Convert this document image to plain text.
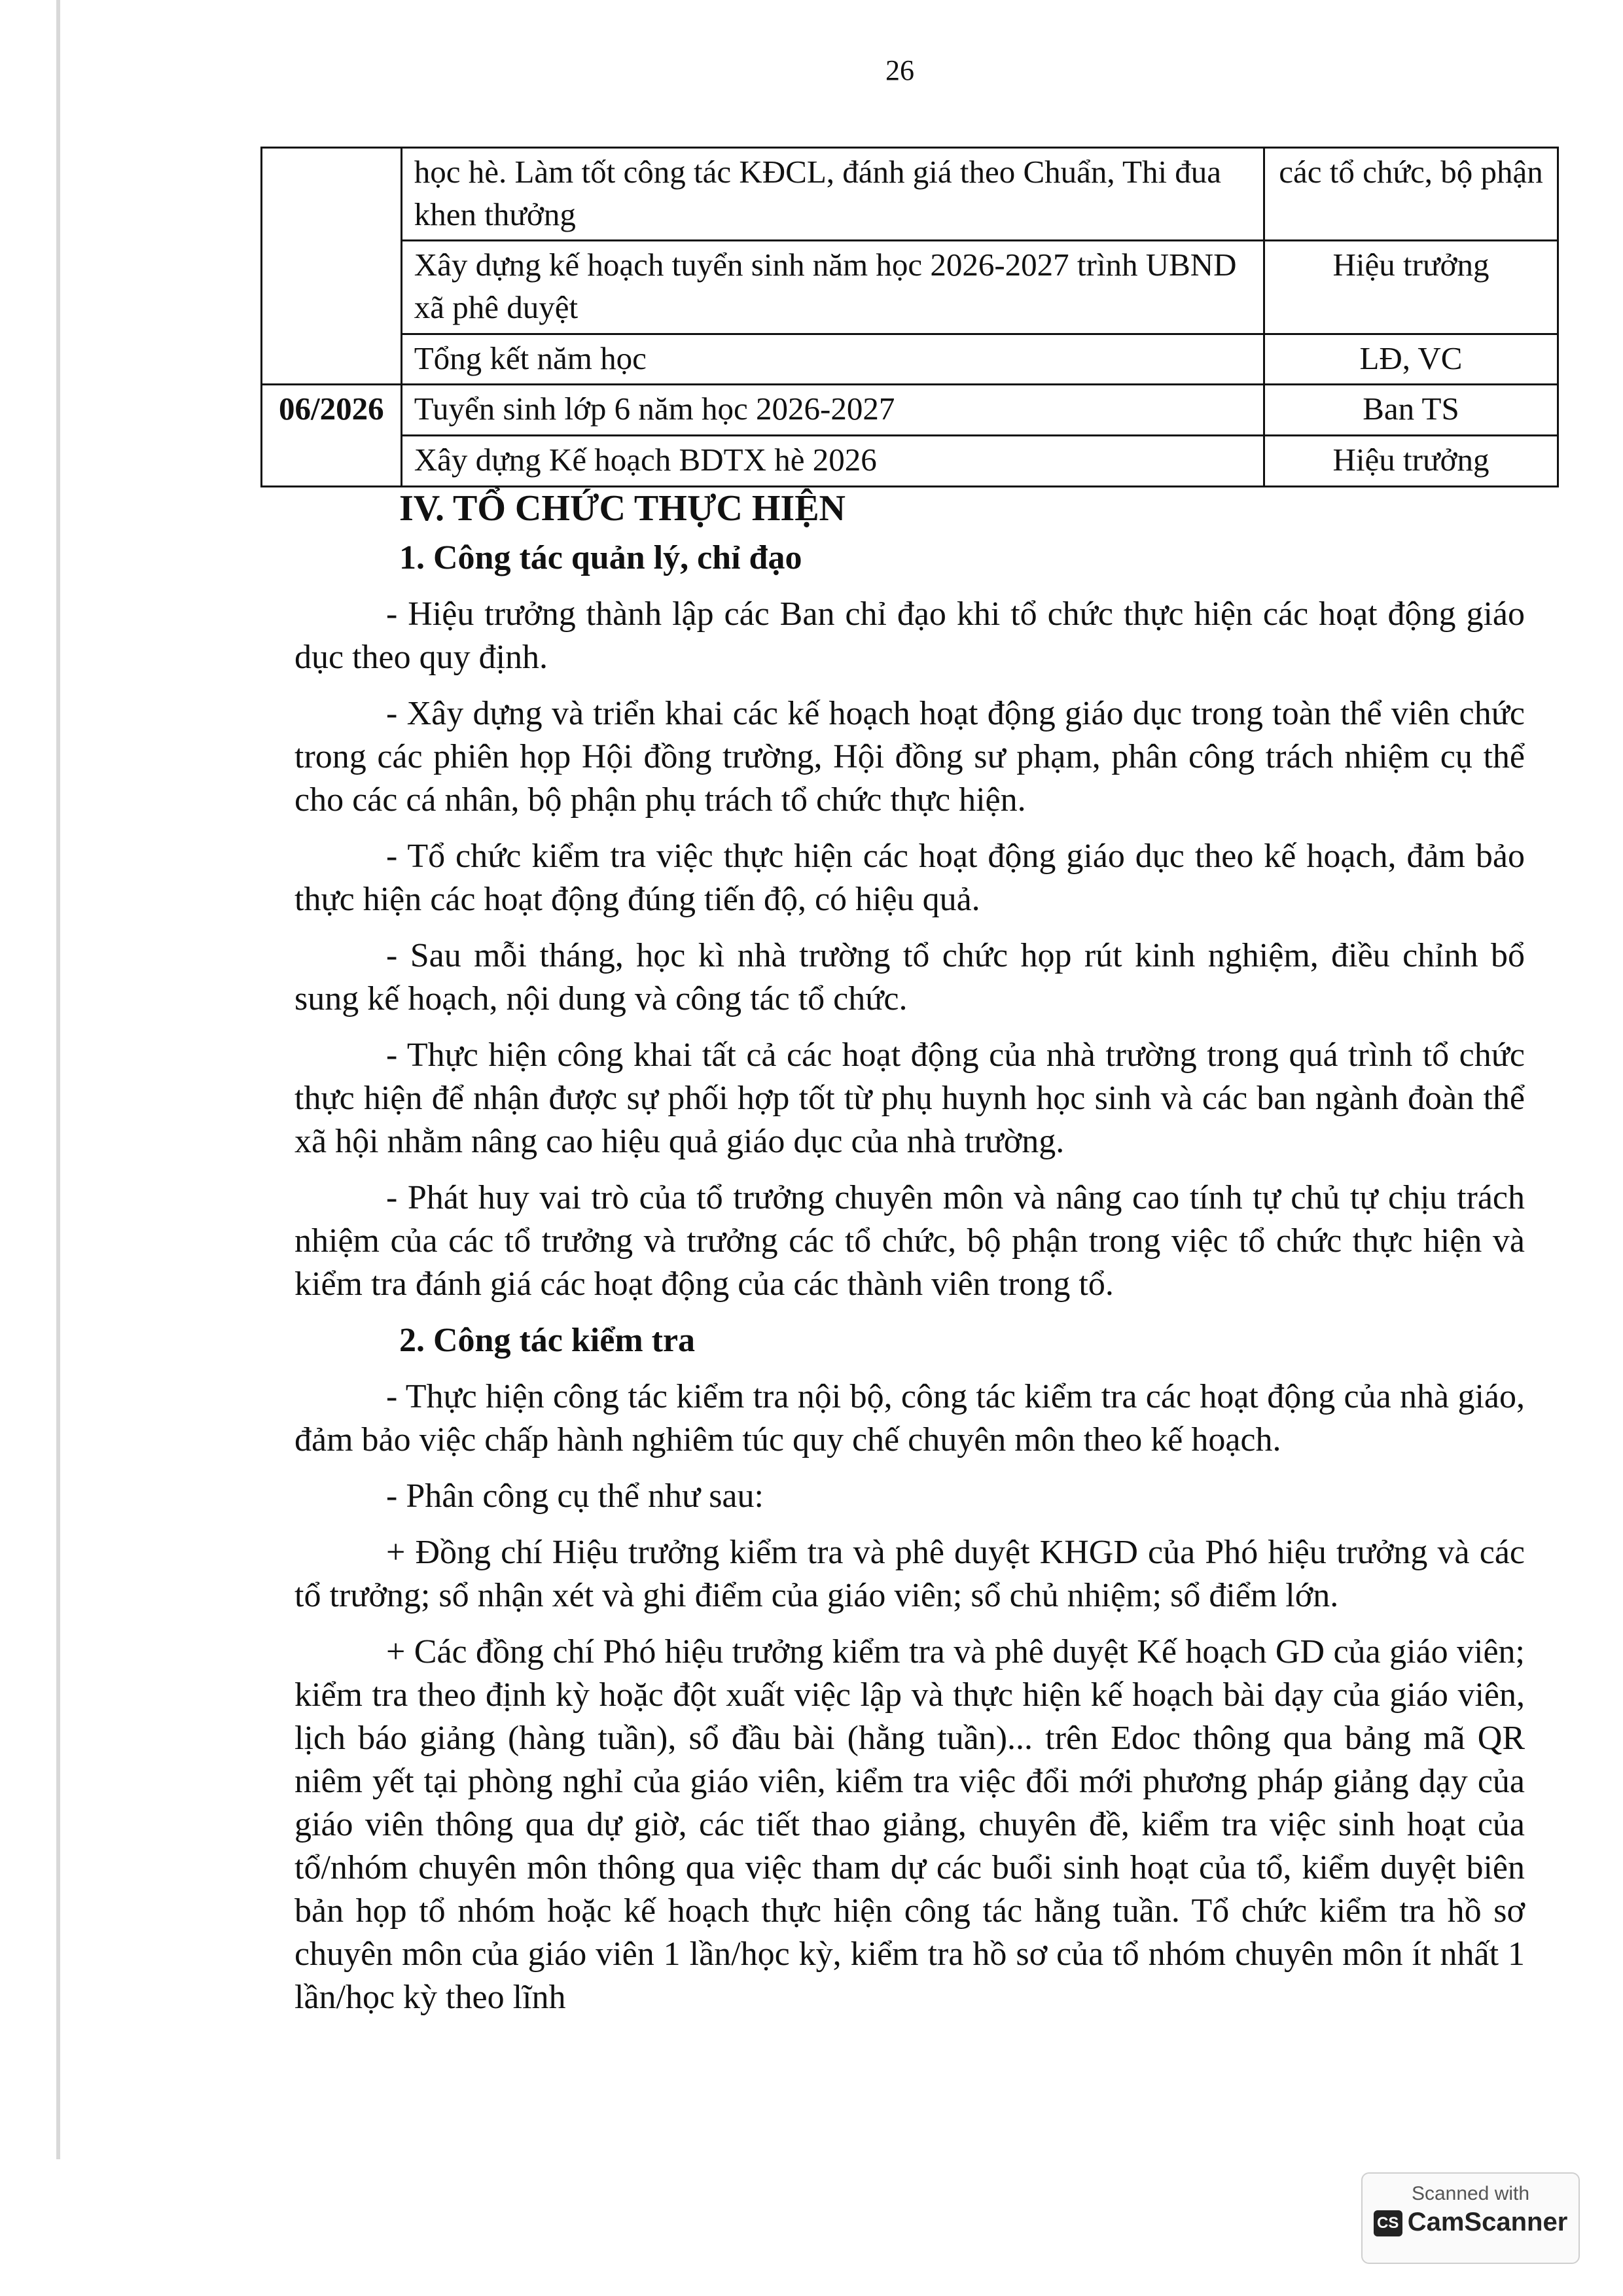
26
	học hè. Làm tốt công tác KĐCL, đánh giá theo Chuẩn, Thi đua khen thưởng	các tổ chức, bộ phận
	Xây dựng kế hoạch tuyển sinh năm học 2026-2027 trình UBND xã phê duyệt	Hiệu trưởng
	Tổng kết năm học	LĐ, VC
06/2026	Tuyển sinh lớp 6 năm học 2026-2027	Ban TS
	Xây dựng Kế hoạch BDTX hè 2026	Hiệu trưởng
IV. TỔ CHỨC THỰC HIỆN
1. Công tác quản lý, chỉ đạo

- Hiệu trưởng thành lập các Ban chỉ đạo khi tổ chức thực hiện các hoạt động giáo dục theo quy định.

- Xây dựng và triển khai các kế hoạch hoạt động giáo dục trong toàn thể viên chức trong các phiên họp Hội đồng trường, Hội đồng sư phạm, phân công trách nhiệm cụ thể cho các cá nhân, bộ phận phụ trách tổ chức thực hiện.

- Tổ chức kiểm tra việc thực hiện các hoạt động giáo dục theo kế hoạch, đảm bảo thực hiện các hoạt động đúng tiến độ, có hiệu quả.

- Sau mỗi tháng, học kì nhà trường tổ chức họp rút kinh nghiệm, điều chỉnh bổ sung kế hoạch, nội dung và công tác tổ chức.

- Thực hiện công khai tất cả các hoạt động của nhà trường trong quá trình tổ chức thực hiện để nhận được sự phối hợp tốt từ phụ huynh học sinh và các ban ngành đoàn thể xã hội nhằm nâng cao hiệu quả giáo dục của nhà trường.

- Phát huy vai trò của tổ trưởng chuyên môn và nâng cao tính tự chủ tự chịu trách nhiệm của các tổ trưởng và trưởng các tổ chức, bộ phận trong việc tổ chức thực hiện và kiểm tra đánh giá các hoạt động của các thành viên trong tổ.

2. Công tác kiểm tra

- Thực hiện công tác kiểm tra nội bộ, công tác kiểm tra các hoạt động của nhà giáo, đảm bảo việc chấp hành nghiêm túc quy chế chuyên môn theo kế hoạch.

- Phân công cụ thể như sau:

+ Đồng chí Hiệu trưởng kiểm tra và phê duyệt KHGD của Phó hiệu trưởng và các tổ trưởng; sổ nhận xét và ghi điểm của giáo viên; sổ chủ nhiệm; sổ điểm lớn.

+ Các đồng chí Phó hiệu trưởng kiểm tra và phê duyệt Kế hoạch GD của giáo viên; kiểm tra theo định kỳ hoặc đột xuất việc lập và thực hiện kế hoạch bài dạy của giáo viên, lịch báo giảng (hàng tuần), sổ đầu bài (hằng tuần)... trên Edoc thông qua bảng mã QR niêm yết tại phòng nghỉ của giáo viên, kiểm tra việc đổi mới phương pháp giảng dạy của giáo viên thông qua dự giờ, các tiết thao giảng, chuyên đề, kiểm tra việc sinh hoạt của tổ/nhóm chuyên môn thông qua việc tham dự các buổi sinh hoạt của tổ, kiểm duyệt biên bản họp tổ nhóm hoặc kế hoạch thực hiện công tác hằng tuần. Tổ chức kiểm tra hồ sơ chuyên môn của giáo viên 1 lần/học kỳ, kiểm tra hồ sơ của tổ nhóm chuyên môn ít nhất 1 lần/học kỳ theo lĩnh

Scanned with
CS CamScanner
